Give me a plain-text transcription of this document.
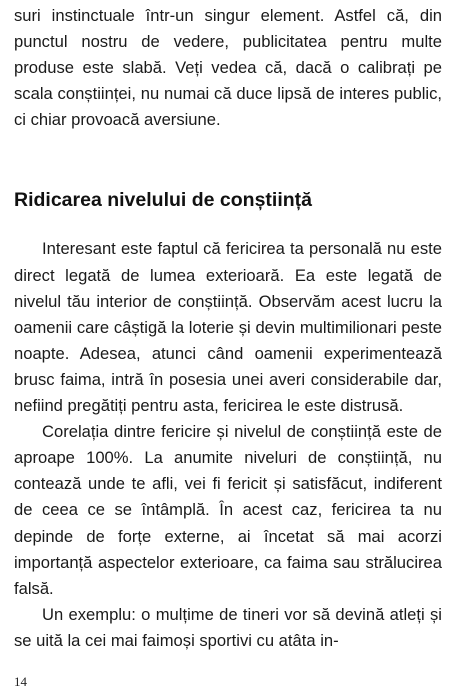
suri instinctuale într-un singur element. Astfel că, din punctul nostru de vedere, publicitatea pentru multe produse este slabă. Veți vedea că, dacă o calibrați pe scala conștiinței, nu numai că duce lipsă de interes public, ci chiar provoacă aversiune.

Ridicarea nivelului de conștiință

Interesant este faptul că fericirea ta personală nu este direct legată de lumea exterioară. Ea este legată de nivelul tău interior de conștiință. Observăm acest lucru la oamenii care câștigă la loterie și devin multimilionari peste noapte. Adesea, atunci când oamenii experimentează brusc faima, intră în posesia unei averi considerabile dar, nefiind pregătiți pentru asta, fericirea le este distrusă.

Corelația dintre fericire și nivelul de conștiință este de aproape 100%. La anumite niveluri de conștiință, nu contează unde te afli, vei fi fericit și satisfăcut, indiferent de ceea ce se întâmplă. În acest caz, fericirea ta nu depinde de forțe externe, ai încetat să mai acorzi importanță aspectelor exterioare, ca faima sau strălucirea falsă.

Un exemplu: o mulțime de tineri vor să devină atleți și se uită la cei mai faimoși sportivi cu atâta in-

14
